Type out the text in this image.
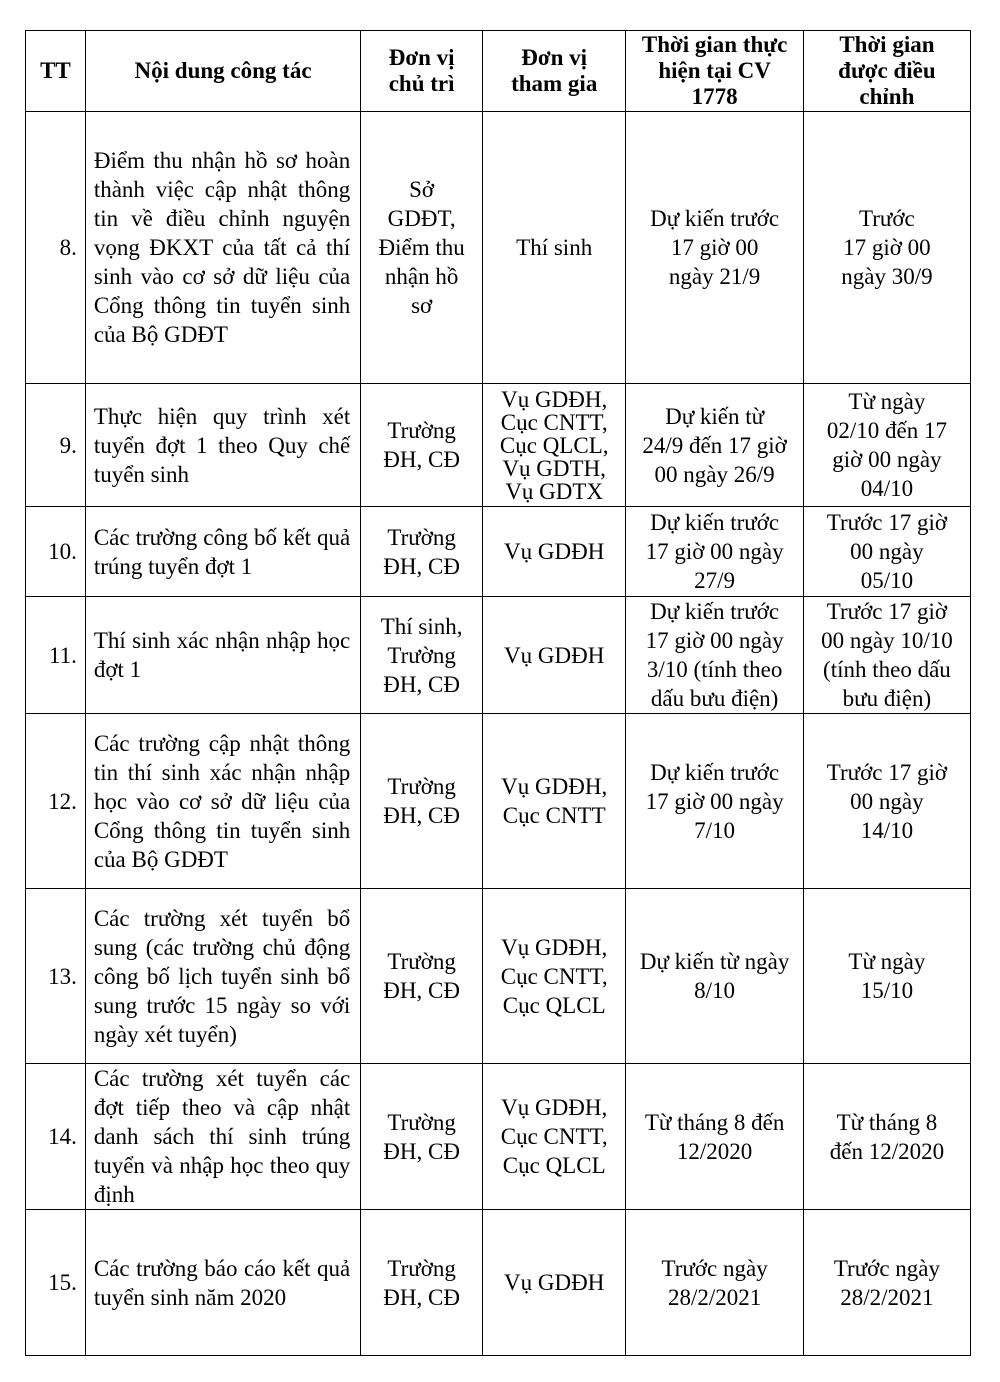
TT	Nội dung công tác	Đơn vị
chủ trì	Đơn vị
tham gia	Thời gian thực
hiện tại CV
1778	Thời gian
được điều
chỉnh

8.	Điểm thu nhận hồ sơ hoàn thành việc cập nhật thông tin về điều chỉnh nguyện vọng ĐKXT của tất cả thí sinh vào cơ sở dữ liệu của Cổng thông tin tuyển sinh của Bộ GDĐT	Sở
GDĐT,
Điểm thu
nhận hồ
sơ	Thí sinh	Dự kiến trước
17 giờ 00
ngày 21/9	Trước
17 giờ 00
ngày 30/9

9.	Thực hiện quy trình xét tuyển đợt 1 theo Quy chế tuyển sinh	Trường
ĐH, CĐ	Vụ GDĐH,
Cục CNTT,
Cục QLCL,
Vụ GDTH,
Vụ GDTX	Dự kiến từ
24/9 đến 17 giờ
00 ngày 26/9	Từ ngày
02/10 đến 17
giờ 00 ngày
04/10

10.	Các trường công bố kết quả trúng tuyển đợt 1	Trường
ĐH, CĐ	Vụ GDĐH	Dự kiến trước
17 giờ 00 ngày
27/9	Trước 17 giờ
00 ngày
05/10

11.	Thí sinh xác nhận nhập học đợt 1	Thí sinh,
Trường
ĐH, CĐ	Vụ GDĐH	Dự kiến trước
17 giờ 00 ngày
3/10 (tính theo
dấu bưu điện)	Trước 17 giờ
00 ngày 10/10
(tính theo dấu
bưu điện)

12.	Các trường cập nhật thông tin thí sinh xác nhận nhập học vào cơ sở dữ liệu của Cổng thông tin tuyển sinh của Bộ GDĐT	Trường
ĐH, CĐ	Vụ GDĐH,
Cục CNTT	Dự kiến trước
17 giờ 00 ngày
7/10	Trước 17 giờ
00 ngày
14/10

13.	Các trường xét tuyển bổ sung (các trường chủ động công bố lịch tuyển sinh bổ sung trước 15 ngày so với ngày xét tuyển)	Trường
ĐH, CĐ	Vụ GDĐH,
Cục CNTT,
Cục QLCL	Dự kiến từ ngày
8/10	Từ ngày
15/10

14.	Các trường xét tuyển các đợt tiếp theo và cập nhật danh sách thí sinh trúng tuyển và nhập học theo quy định	Trường
ĐH, CĐ	Vụ GDĐH,
Cục CNTT,
Cục QLCL	Từ tháng 8 đến
12/2020	Từ tháng 8
đến 12/2020

15.	Các trường báo cáo kết quả tuyển sinh năm 2020	Trường
ĐH, CĐ	Vụ GDĐH	Trước ngày
28/2/2021	Trước ngày
28/2/2021
